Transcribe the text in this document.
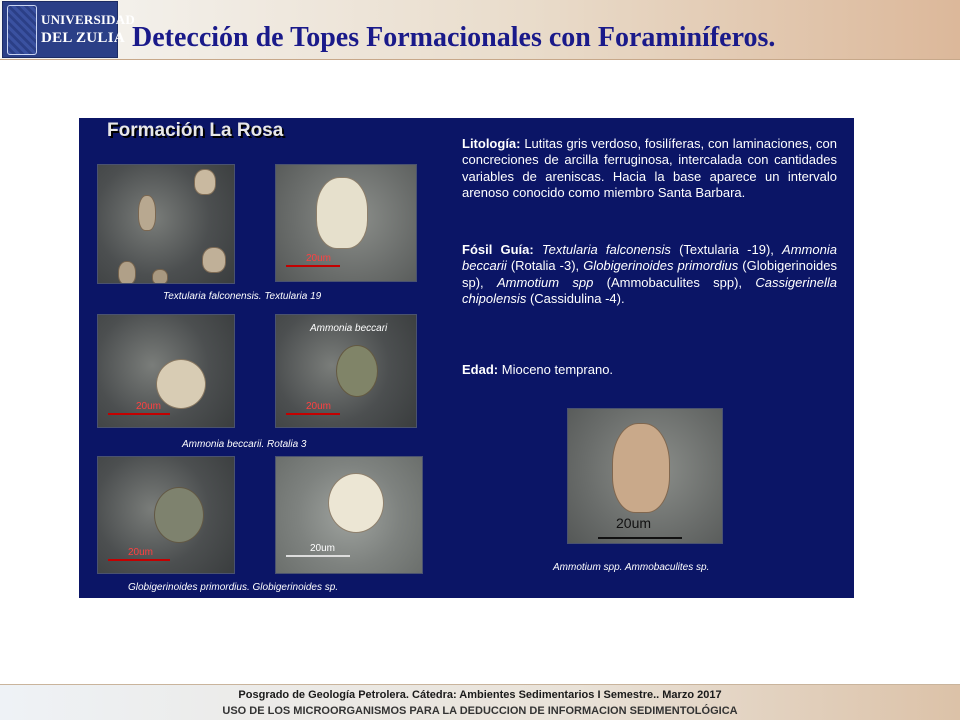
UNIVERSIDAD
DEL ZULIA Detección de Topes Formacionales con Foraminíferos.
Formación La Rosa
20um
Textularia falconensis. Textularia 19
20um
Ammonia beccari
20um
Ammonia beccarii. Rotalia 3
20um	20um
Globigerinoides primordius. Globigerinoides sp.
20um
Ammotium spp. Ammobaculites sp.
Litología: Lutitas gris verdoso, fosilíferas, con laminaciones, con concreciones de arcilla ferruginosa, intercalada con cantidades variables de areniscas. Hacia la base aparece un intervalo arenoso conocido como miembro Santa Barbara.
Fósil Guía: Textularia falconensis (Textularia -19), Ammonia beccarii (Rotalia -3), Globigerinoides primordius (Globigerinoides sp), Ammotium spp (Ammobaculites spp), Cassigerinella chipolensis (Cassidulina -4).
Edad: Mioceno temprano.
Posgrado de Geología Petrolera. Cátedra: Ambientes Sedimentarios I Semestre.. Marzo 2017
USO DE LOS MICROORGANISMOS PARA LA DEDUCCION DE INFORMACION SEDIMENTOLÓGICA
